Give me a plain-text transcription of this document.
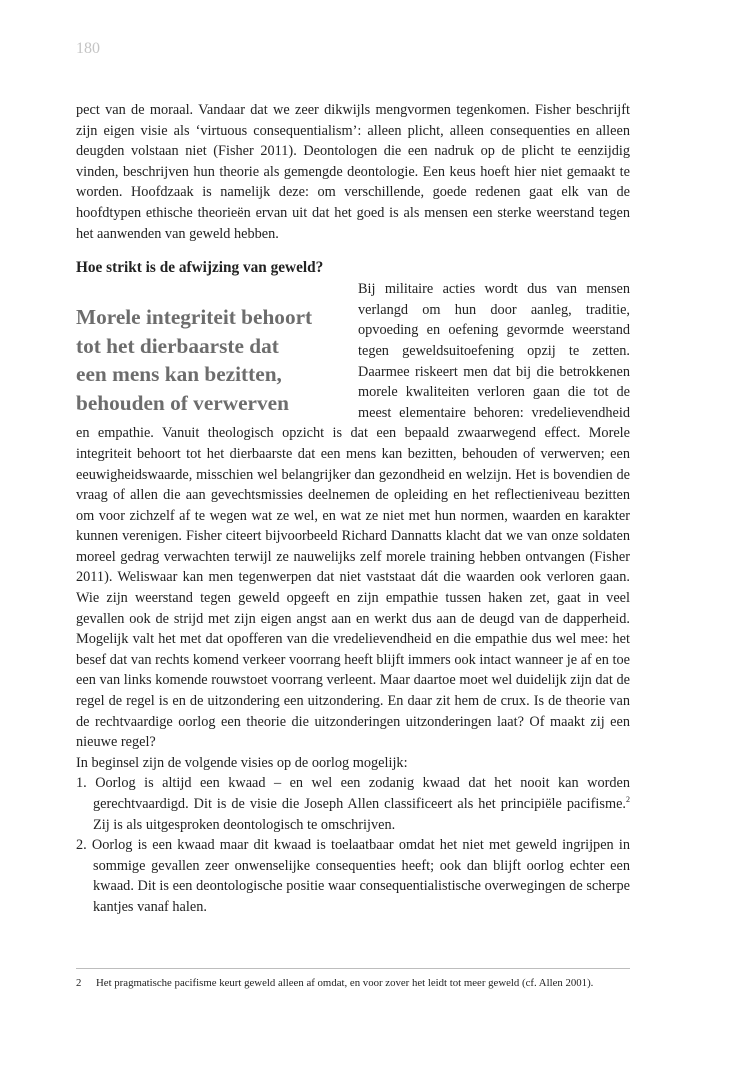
180

pect van de moraal. Vandaar dat we zeer dikwijls mengvormen tegenkomen. Fisher beschrijft zijn eigen visie als ‘virtuous consequentialism’: alleen plicht, alleen consequenties en alleen deugden volstaan niet (Fisher 2011). Deontologen die een nadruk op de plicht te eenzijdig vinden, beschrijven hun theorie als gemengde deontologie. Een keus hoeft hier niet gemaakt te worden. Hoofdzaak is namelijk deze: om verschillende, goede redenen gaat elk van de hoofdtypen ethische theorieën ervan uit dat het goed is als mensen een sterke weerstand tegen het aanwenden van geweld hebben.

Hoe strikt is de afwijzing van geweld?

Morele integriteit behoort
tot het dierbaarste dat
een mens kan bezitten,
behouden of verwerven
Bij militaire acties wordt dus van mensen verlangd om hun door aanleg, traditie, opvoeding en oefening gevormde weerstand tegen geweldsuitoefening opzij te zetten. Daarmee riskeert men dat bij die betrokkenen morele kwaliteiten verloren gaan die tot de meest elementaire behoren: vredelievendheid en empathie. Vanuit theologisch opzicht is dat een bepaald zwaarwegend effect. Morele integriteit behoort tot het dierbaarste dat een mens kan bezitten, behouden of verwerven; een eeuwigheidswaarde, misschien wel belangrijker dan gezondheid en welzijn. Het is bovendien de vraag of allen die aan gevechtsmissies deelnemen de opleiding en het reflectieniveau bezitten om voor zichzelf af te wegen wat ze wel, en wat ze niet met hun normen, waarden en karakter kunnen verenigen. Fisher citeert bijvoorbeeld Richard Dannatts klacht dat we van onze soldaten moreel gedrag verwachten terwijl ze nauwelijks zelf morele training hebben ontvangen (Fisher 2011). Weliswaar kan men tegenwerpen dat niet vaststaat dát die waarden ook verloren gaan. Wie zijn weerstand tegen geweld opgeeft en zijn empathie tussen haken zet, gaat in veel gevallen ook de strijd met zijn eigen angst aan en werkt dus aan de deugd van de dapperheid. Mogelijk valt het met dat opofferen van die vredelievendheid en die empathie dus wel mee: het besef dat van rechts komend verkeer voorrang heeft blijft immers ook intact wanneer je af en toe een van links komende rouwstoet voorrang verleent. Maar daartoe moet wel duidelijk zijn dat de regel de regel is en de uitzondering een uitzondering. En daar zit hem de crux. Is de theorie van de rechtvaardige oorlog een theorie die uitzonderingen uitzonderingen laat? Of maakt zij een nieuwe regel?

In beginsel zijn de volgende visies op de oorlog mogelijk:

1. Oorlog is altijd een kwaad – en wel een zodanig kwaad dat het nooit kan worden gerechtvaardigd. Dit is de visie die Joseph Allen classificeert als het principiële pacifisme.$^2$ Zij is als uitgesproken deontologisch te omschrijven.

2. Oorlog is een kwaad maar dit kwaad is toelaatbaar omdat het niet met geweld ingrijpen in sommige gevallen zeer onwenselijke consequenties heeft; ook dan blijft oorlog echter een kwaad. Dit is een deontologische positie waar consequentialistische overwegingen de scherpe kantjes vanaf halen.

2 Het pragmatische pacifisme keurt geweld alleen af omdat, en voor zover het leidt tot meer geweld (cf. Allen 2001).
